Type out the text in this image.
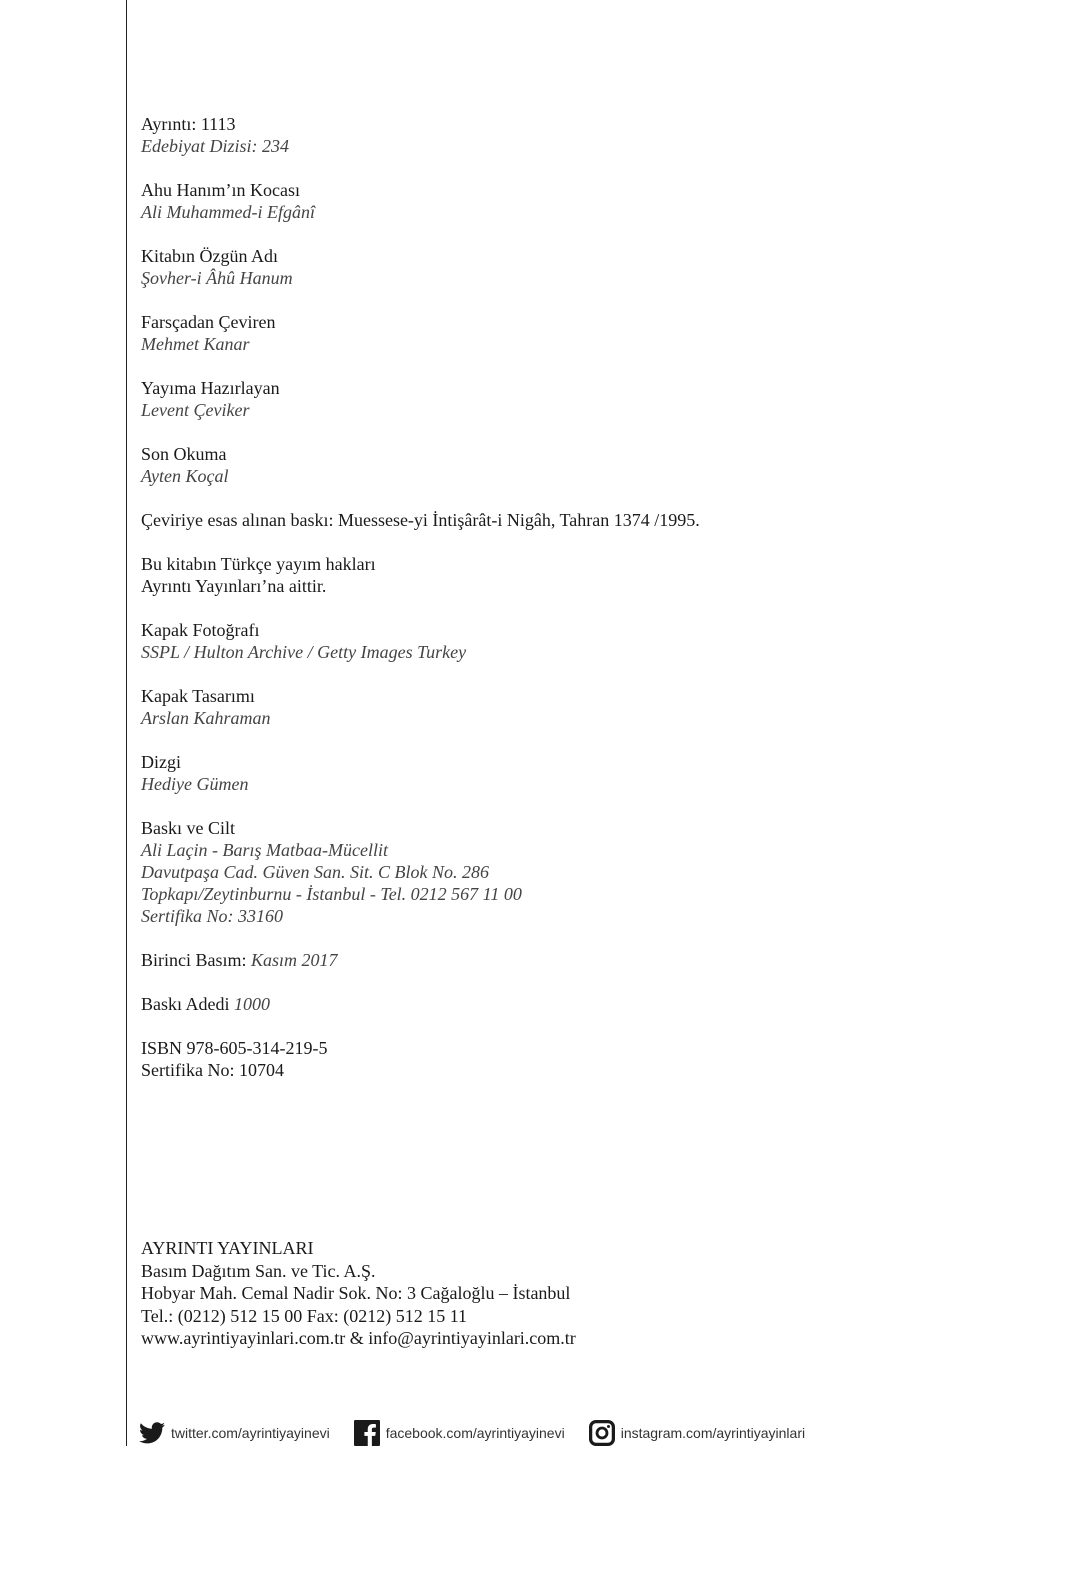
Ayrıntı: 1113
Edebiyat Dizisi: 234
Ahu Hanım’ın Kocası
Ali Muhammed-i Efgânî
Kitabın Özgün Adı
Şovher-i Âhû Hanum
Farsçadan Çeviren
Mehmet Kanar
Yayıma Hazırlayan
Levent Çeviker
Son Okuma
Ayten Koçal
Çeviriye esas alınan baskı: Muessese-yi İntişârât-i Nigâh, Tahran 1374 /1995.
Bu kitabın Türkçe yayım hakları
Ayrıntı Yayınları’na aittir.
Kapak Fotoğrafı
SSPL / Hulton Archive / Getty Images Turkey
Kapak Tasarımı
Arslan Kahraman
Dizgi
Hediye Gümen
Baskı ve Cilt
Ali Laçin - Barış Matbaa-Mücellit
Davutpaşa Cad. Güven San. Sit. C Blok No. 286
Topkapı/Zeytinburnu - İstanbul - Tel. 0212 567 11 00
Sertifika No: 33160
Birinci Basım: Kasım 2017
Baskı Adedi 1000
ISBN 978-605-314-219-5
Sertifika No: 10704
AYRINTI YAYINLARI
Basım Dağıtım San. ve Tic. A.Ş.
Hobyar Mah. Cemal Nadir Sok. No: 3 Cağaloğlu – İstanbul
Tel.: (0212) 512 15 00 Fax: (0212) 512 15 11
www.ayrintiyayinlari.com.tr & info@ayrintiyayinlari.com.tr
twitter.com/ayrintiyayinevi	facebook.com/ayrintiyayinevi	instagram.com/ayrintiyayinlari
